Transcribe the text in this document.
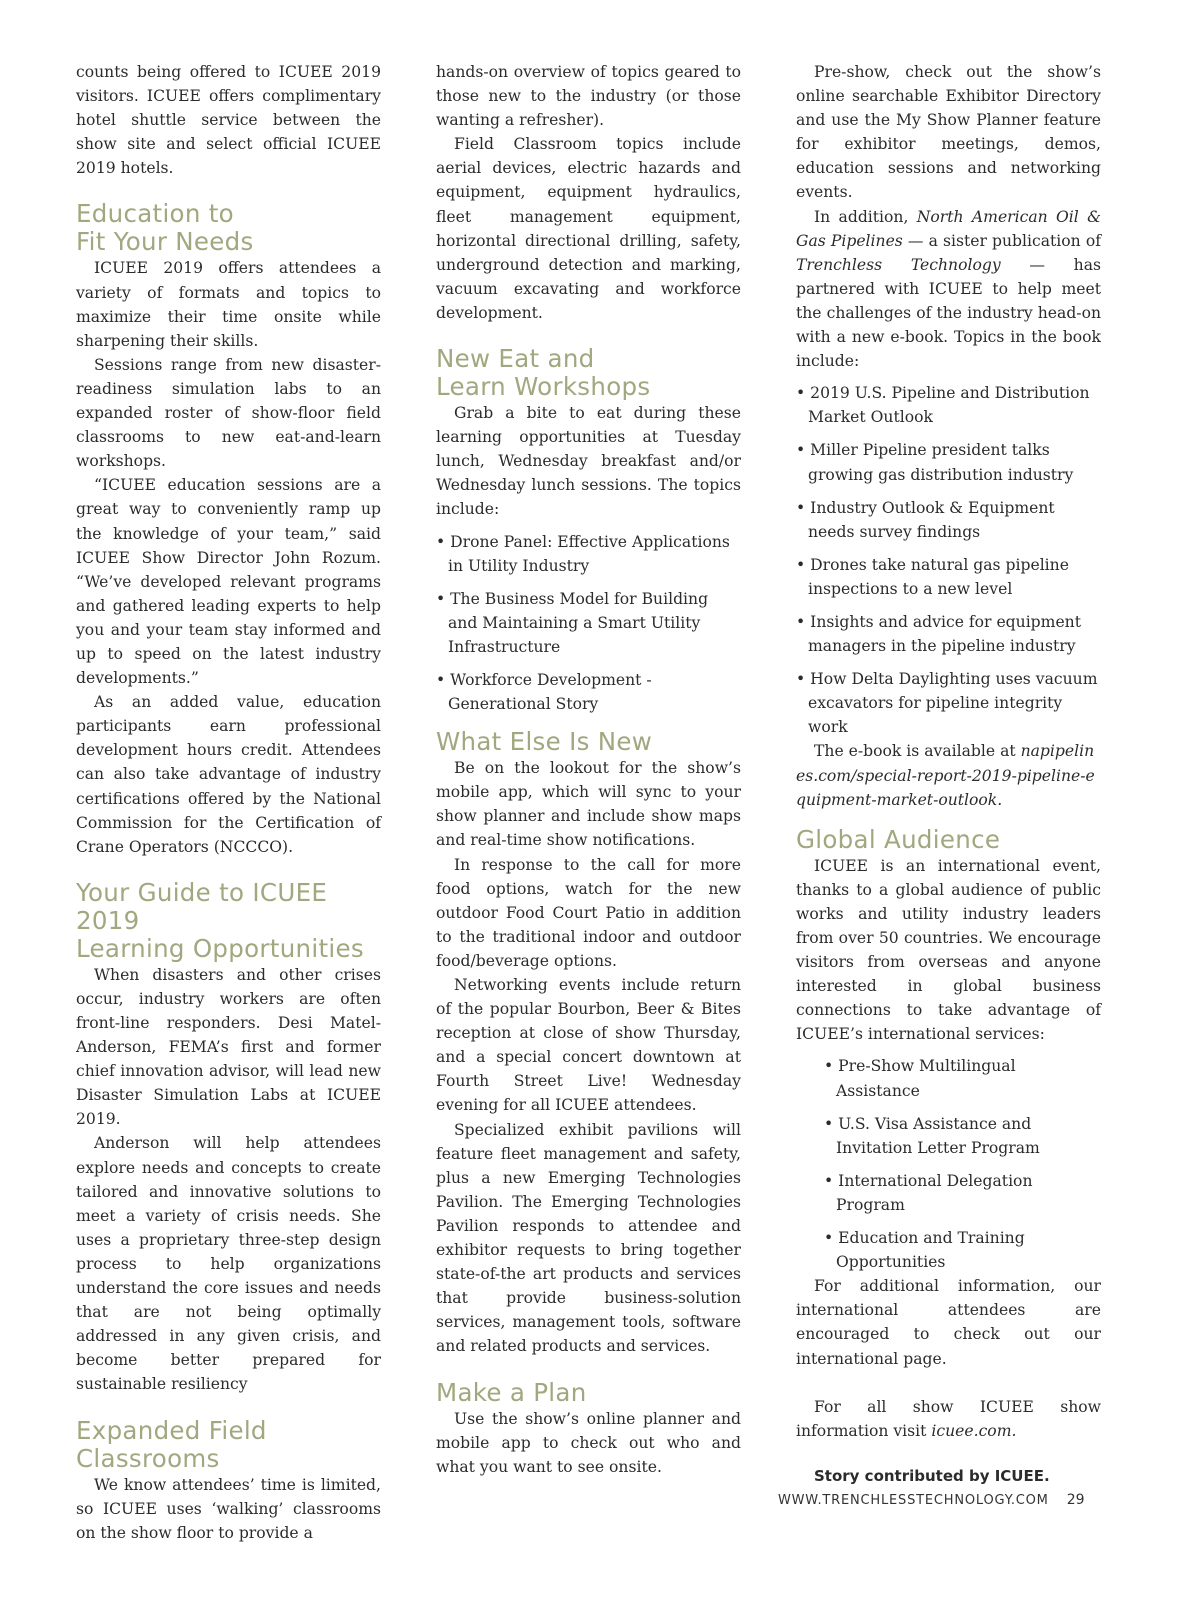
counts being offered to ICUEE 2019 visitors. ICUEE offers complimentary hotel shuttle service between the show site and select official ICUEE 2019 hotels.

Education to
Fit Your Needs

ICUEE 2019 offers attendees a variety of formats and topics to maximize their time onsite while sharpening their skills.

Sessions range from new disaster-readiness simulation labs to an expanded roster of show-floor field classrooms to new eat-and-learn workshops.

“ICUEE education sessions are a great way to conveniently ramp up the knowledge of your team,” said ICUEE Show Director John Rozum. “We’ve developed relevant programs and gathered leading experts to help you and your team stay informed and up to speed on the latest industry developments.”

As an added value, education participants earn professional development hours credit. Attendees can also take advantage of industry certifications offered by the National Commission for the Certification of Crane Operators (NCCCO).

Your Guide to ICUEE 2019
Learning Opportunities

When disasters and other crises occur, industry workers are often front-line responders. Desi Matel-Anderson, FEMA’s first and former chief innovation advisor, will lead new Disaster Simulation Labs at ICUEE 2019.

Anderson will help attendees explore needs and concepts to create tailored and innovative solutions to meet a variety of crisis needs. She uses a proprietary three-step design process to help organizations understand the core issues and needs that are not being optimally addressed in any given crisis, and become better prepared for sustainable resiliency

Expanded Field
Classrooms

We know attendees’ time is limited, so ICUEE uses ‘walking’ classrooms on the show floor to provide a

hands-on overview of topics geared to those new to the industry (or those wanting a refresher).

Field Classroom topics include aerial devices, electric hazards and equipment, equipment hydraulics, fleet management equipment, horizontal directional drilling, safety, underground detection and marking, vacuum excavating and workforce development.

New Eat and
Learn Workshops

Grab a bite to eat during these learning opportunities at Tuesday lunch, Wednesday breakfast and/or Wednesday lunch sessions. The topics include:

• Drone Panel: Effective Applications in Utility Industry
• The Business Model for Building and Maintaining a Smart Utility Infrastructure
• Workforce Development - Generational Story
What Else Is New

Be on the lookout for the show’s mobile app, which will sync to your show planner and include show maps and real-time show notifications.

In response to the call for more food options, watch for the new outdoor Food Court Patio in addition to the traditional indoor and outdoor food/beverage options.

Networking events include return of the popular Bourbon, Beer & Bites reception at close of show Thursday, and a special concert downtown at Fourth Street Live! Wednesday evening for all ICUEE attendees.

Specialized exhibit pavilions will feature fleet management and safety, plus a new Emerging Technologies Pavilion. The Emerging Technologies Pavilion responds to attendee and exhibitor requests to bring together state-of-the art products and services that provide business-solution services, management tools, software and related products and services.

Make a Plan

Use the show’s online planner and mobile app to check out who and what you want to see onsite.

Pre-show, check out the show’s online searchable Exhibitor Directory and use the My Show Planner feature for exhibitor meetings, demos, education sessions and networking events.

In addition, North American Oil & Gas Pipelines — a sister publication of Trenchless Technology — has partnered with ICUEE to help meet the challenges of the industry head-on with a new e-book. Topics in the book include:

• 2019 U.S. Pipeline and Distribution Market Outlook
• Miller Pipeline president talks growing gas distribution industry
• Industry Outlook & Equipment needs survey findings
• Drones take natural gas pipeline inspections to a new level
• Insights and advice for equipment managers in the pipeline industry
• How Delta Daylighting uses vacuum excavators for pipeline integrity work

The e-book is available at napipelines.com/special-report-2019-pipeline-equipment-market-outlook.

Global Audience

ICUEE is an international event, thanks to a global audience of public works and utility industry leaders from over 50 countries. We encourage visitors from overseas and anyone interested in global business connections to take advantage of ICUEE’s international services:

• Pre-Show Multilingual Assistance
• U.S. Visa Assistance and Invitation Letter Program
• International Delegation Program
• Education and Training Opportunities

For additional information, our international attendees are encouraged to check out our international page.

For all show ICUEE show information visit icuee.com.

Story contributed by ICUEE.
WWW.TRENCHLESSTECHNOLOGY.COM 29
